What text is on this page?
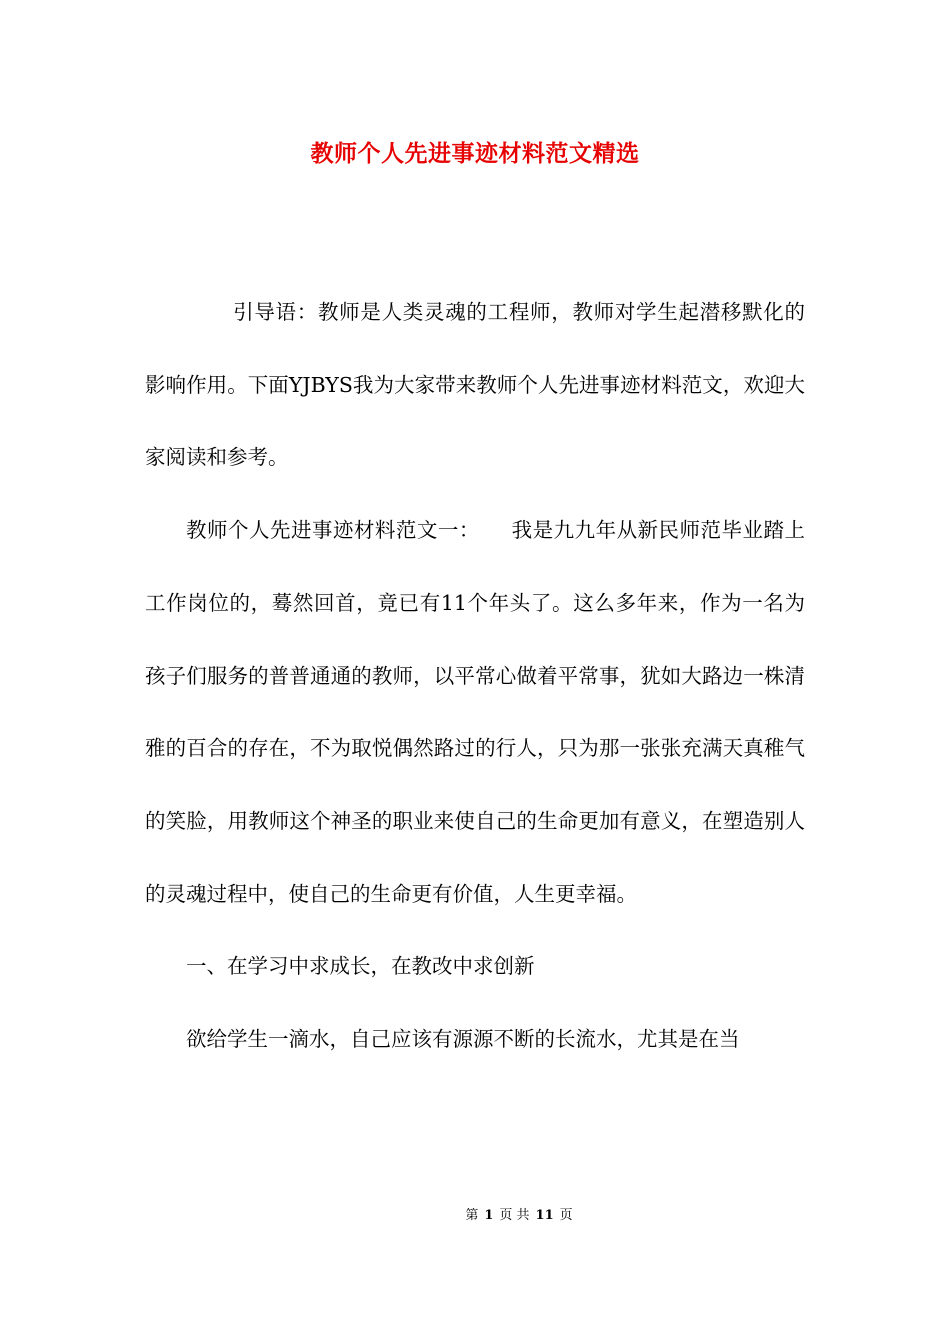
教师个人先进事迹材料范文精选

引导语：教师是人类灵魂的工程师，教师对学生起潜移默化的影响作用。下面YJBYS我为大家带来教师个人先进事迹材料范文，欢迎大家阅读和参考。

教师个人先进事迹材料范文一：　　我是九九年从新民师范毕业踏上工作岗位的，蓦然回首，竟已有11个年头了。这么多年来，作为一名为孩子们服务的普普通通的教师，以平常心做着平常事，犹如大路边一株清雅的百合的存在，不为取悦偶然路过的行人，只为那一张张充满天真稚气的笑脸，用教师这个神圣的职业来使自己的生命更加有意义，在塑造别人的灵魂过程中，使自己的生命更有价值，人生更幸福。

一、在学习中求成长，在教改中求创新

欲给学生一滴水，自己应该有源源不断的长流水，尤其是在当

第 1 页 共 11 页
